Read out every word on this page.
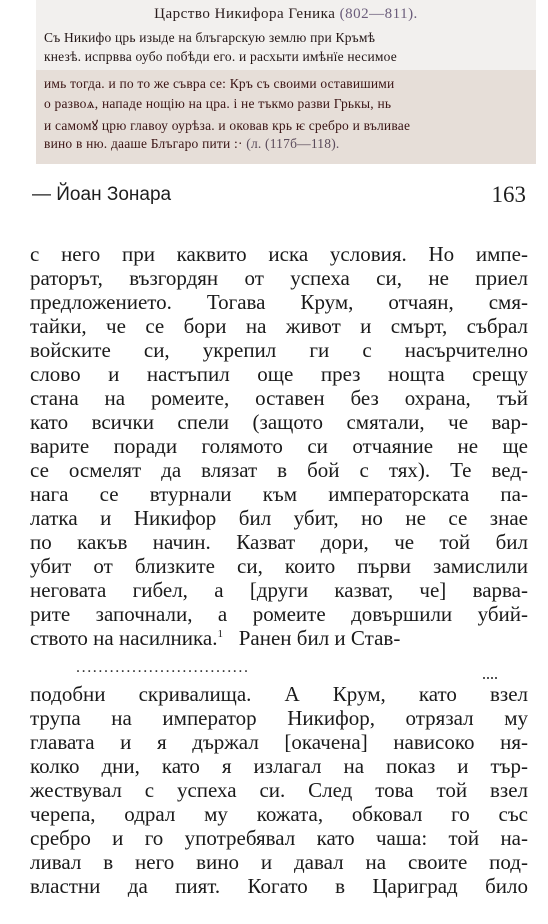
Царство Никифора Геника (802—811).
Съ Никифо црь изыде на блъгарскую землю при Кръмѣ
кнезѣ. испрвва оубо побѣди его. и расхыти имѣнїе несимое
имь тогда. и по то же съвра се: Кръ съ своими оставишими
о развоѧ, нападе нощію на цра. і не тъкмо разви Грькы, нь
и самомꙋ црю главоу оурѣза. и оковав крь ѥ сребро и въливае
вино в ню. дааше Блъгаро пити :· (л. (117б—118).
— Йоан Зонара	163
с него при каквито иска условия. Но импе-
раторът, възгордян от успеха си, не приел
предложението. Тогава Крум, отчаян, смя-
тайки, че се бори на живот и смърт, събрал
войските си, укрепил ги с насърчително
слово и настъпил още през нощта срещу
стана на ромеите, оставен без охрана, тъй
като всички спели (защото смятали, че вар-
варите поради голямото си отчаяние не ще
се осмелят да влязат в бой с тях). Те вед-
нага се втурнали към императорската па-
латка и Никифор бил убит, но не се знае
по какъв начин. Казват дори, че той бил
убит от близките си, които първи замислили
неговата гибел, а [други казват, че] варва-
рите започнали, а ромеите довършили убий-
ството на насилника.$^1$ Ранен бил и Став-
...............................
подобни скривалища. А Крум, като взел
трупа на император Никифор, отрязал му
главата и я държал [окачена] нависоко ня-
колко дни, като я излагал на показ и тър-
жествувал с успеха си. След това той взел
черепа, одрал му кожата, обковал го със
сребро и го употребявал като чаша: той на-
ливал в него вино и давал на своите под-
властни да пият. Когато в Цариград било
